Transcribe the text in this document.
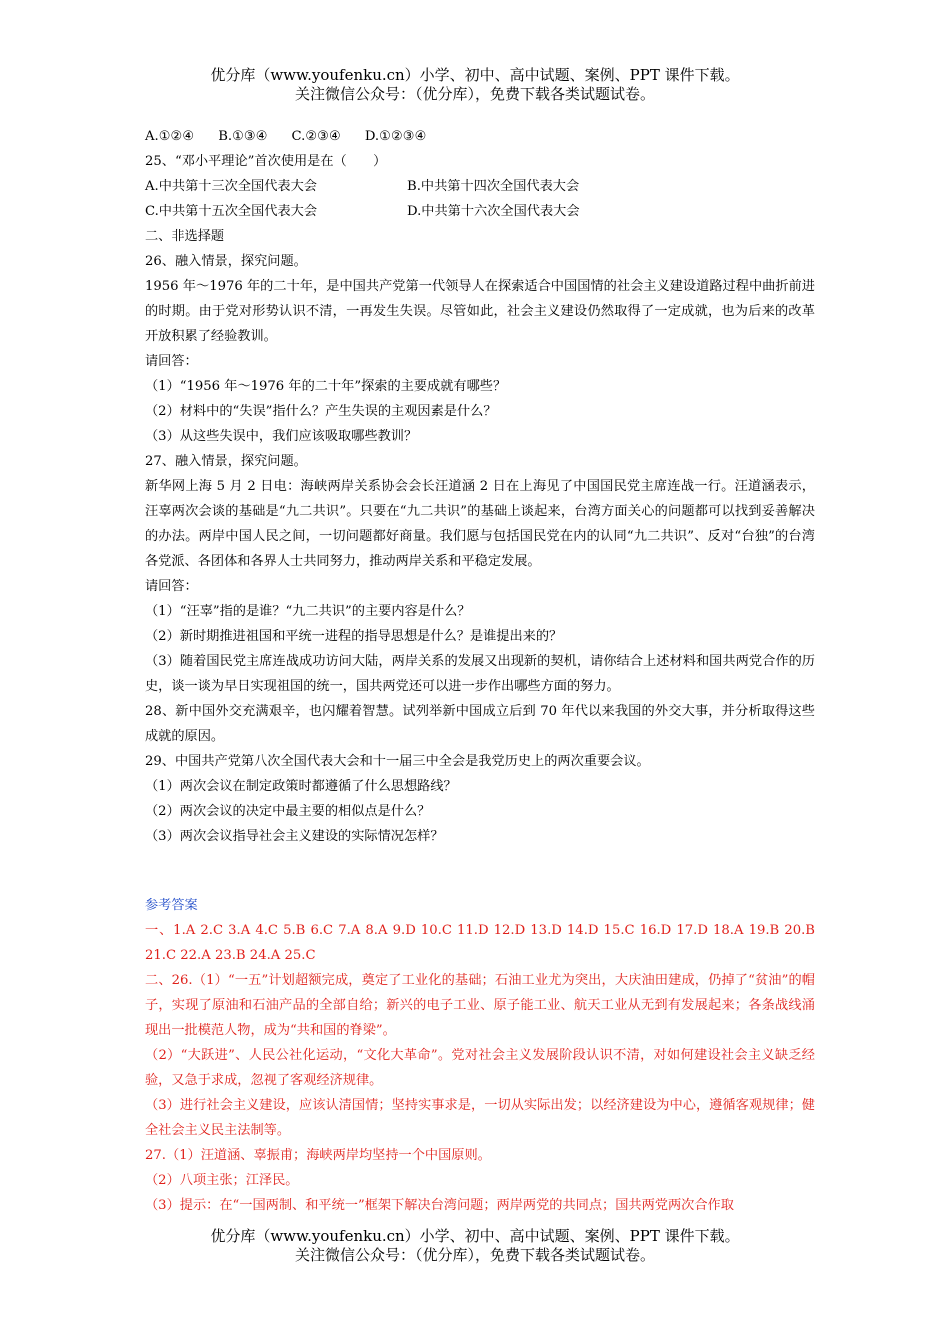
优分库（www.youfenku.cn）小学、初中、高中试题、案例、PPT 课件下载。
关注微信公众号：（优分库），免费下载各类试题试卷。

A.①②④ B.①③④ C.②③④ D.①②③④

25、“邓小平理论”首次使用是在（　　）

A.中共第十三次全国代表大会	B.中共第十四次全国代表大会
C.中共第十五次全国代表大会	D.中共第十六次全国代表大会

二、非选择题

26、融入情景，探究问题。

1956 年～1976 年的二十年，是中国共产党第一代领导人在探索适合中国国情的社会主义建设道路过程中曲折前进的时期。由于党对形势认识不清，一再发生失误。尽管如此，社会主义建设仍然取得了一定成就，也为后来的改革开放积累了经验教训。

请回答：

（1）“1956 年～1976 年的二十年”探索的主要成就有哪些？

（2）材料中的“失误”指什么？产生失误的主观因素是什么？

（3）从这些失误中，我们应该吸取哪些教训？

27、融入情景，探究问题。

新华网上海 5 月 2 日电：海峡两岸关系协会会长汪道涵 2 日在上海见了中国国民党主席连战一行。汪道涵表示，汪辜两次会谈的基础是“九二共识”。只要在“九二共识”的基础上谈起来，台湾方面关心的问题都可以找到妥善解决的办法。两岸中国人民之间，一切问题都好商量。我们愿与包括国民党在内的认同“九二共识”、反对“台独”的台湾各党派、各团体和各界人士共同努力，推动两岸关系和平稳定发展。

请回答：

（1）“汪辜”指的是谁？“九二共识”的主要内容是什么？

（2）新时期推进祖国和平统一进程的指导思想是什么？是谁提出来的？

（3）随着国民党主席连战成功访问大陆，两岸关系的发展又出现新的契机，请你结合上述材料和国共两党合作的历史，谈一谈为早日实现祖国的统一，国共两党还可以进一步作出哪些方面的努力。

28、新中国外交充满艰辛，也闪耀着智慧。试列举新中国成立后到 70 年代以来我国的外交大事，并分析取得这些成就的原因。

29、中国共产党第八次全国代表大会和十一届三中全会是我党历史上的两次重要会议。

（1）两次会议在制定政策时都遵循了什么思想路线？

（2）两次会议的决定中最主要的相似点是什么？

（3）两次会议指导社会主义建设的实际情况怎样？

参考答案

一、1.A 2.C 3.A 4.C 5.B 6.C 7.A 8.A 9.D 10.C 11.D 12.D 13.D 14.D 15.C 16.D 17.D 18.A 19.B 20.B 21.C 22.A 23.B 24.A 25.C

二、26.（1）“一五”计划超额完成，奠定了工业化的基础；石油工业尤为突出，大庆油田建成，仍掉了“贫油”的帽子，实现了原油和石油产品的全部自给；新兴的电子工业、原子能工业、航天工业从无到有发展起来；各条战线涌现出一批模范人物，成为“共和国的脊梁”。

（2）“大跃进”、人民公社化运动，“文化大革命”。党对社会主义发展阶段认识不清，对如何建设社会主义缺乏经验，又急于求成，忽视了客观经济规律。

（3）进行社会主义建设，应该认清国情；坚持实事求是，一切从实际出发；以经济建设为中心，遵循客观规律；健全社会主义民主法制等。

27.（1）汪道涵、辜振甫；海峡两岸均坚持一个中国原则。

（2）八项主张；江泽民。

（3）提示：在“一国两制、和平统一”框架下解决台湾问题；两岸两党的共同点；国共两党两次合作取

优分库（www.youfenku.cn）小学、初中、高中试题、案例、PPT 课件下载。
关注微信公众号：（优分库），免费下载各类试题试卷。
